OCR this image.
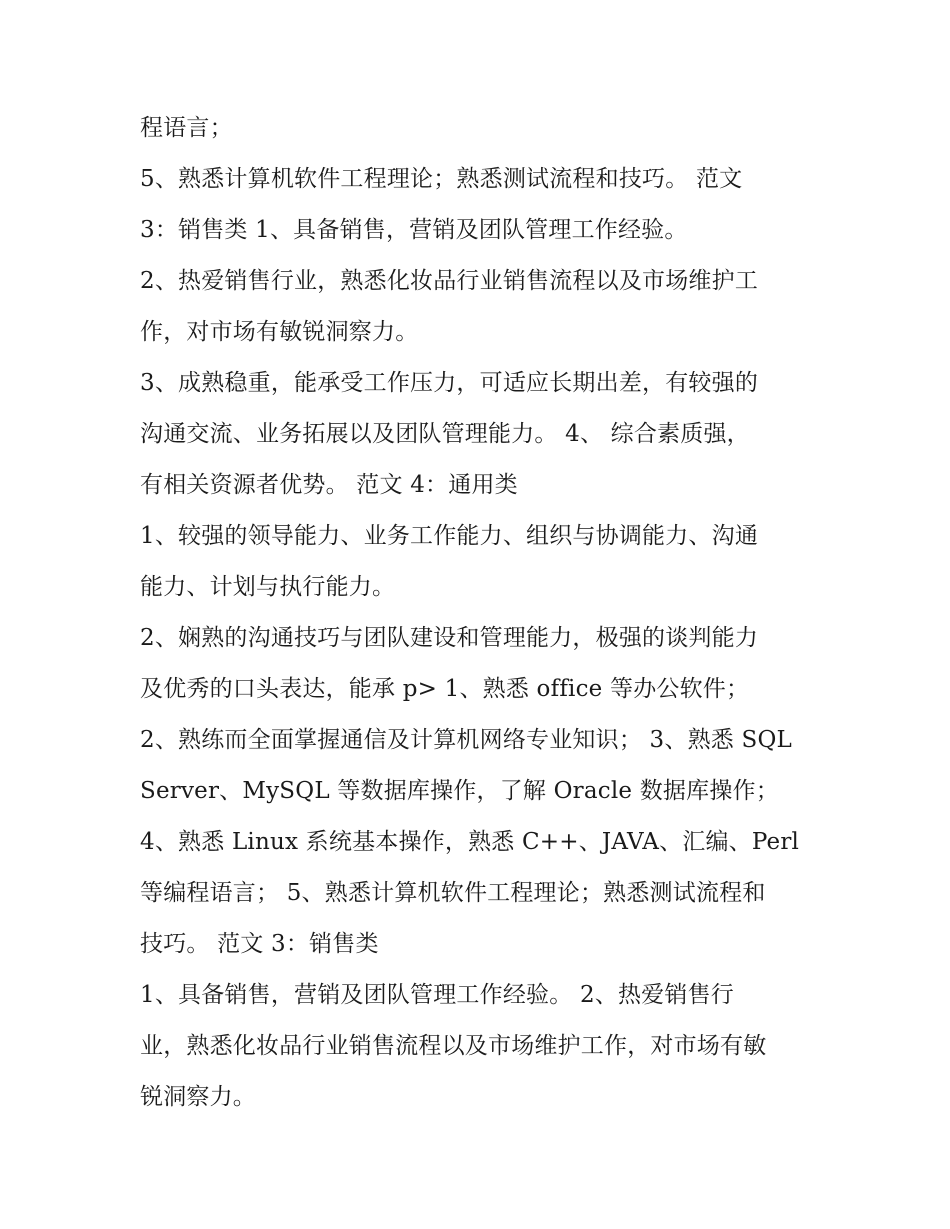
程语言；

5、熟悉计算机软件工程理论；熟悉测试流程和技巧。 范文

3：销售类 1、具备销售，营销及团队管理工作经验。

2、热爱销售行业，熟悉化妆品行业销售流程以及市场维护工

作，对市场有敏锐洞察力。

3、成熟稳重，能承受工作压力，可适应长期出差，有较强的

沟通交流、业务拓展以及团队管理能力。 4、 综合素质强，

有相关资源者优势。 范文 4：通用类

1、较强的领导能力、业务工作能力、组织与协调能力、沟通

能力、计划与执行能力。

2、娴熟的沟通技巧与团队建设和管理能力，极强的谈判能力

及优秀的口头表达，能承 p> 1、熟悉 office 等办公软件；

2、熟练而全面掌握通信及计算机网络专业知识； 3、熟悉 SQL

Server、MySQL 等数据库操作，了解 Oracle 数据库操作；

4、熟悉 Linux 系统基本操作，熟悉 C++、JAVA、汇编、Perl

等编程语言； 5、熟悉计算机软件工程理论；熟悉测试流程和

技巧。 范文 3：销售类

1、具备销售，营销及团队管理工作经验。 2、热爱销售行

业，熟悉化妆品行业销售流程以及市场维护工作，对市场有敏

锐洞察力。
